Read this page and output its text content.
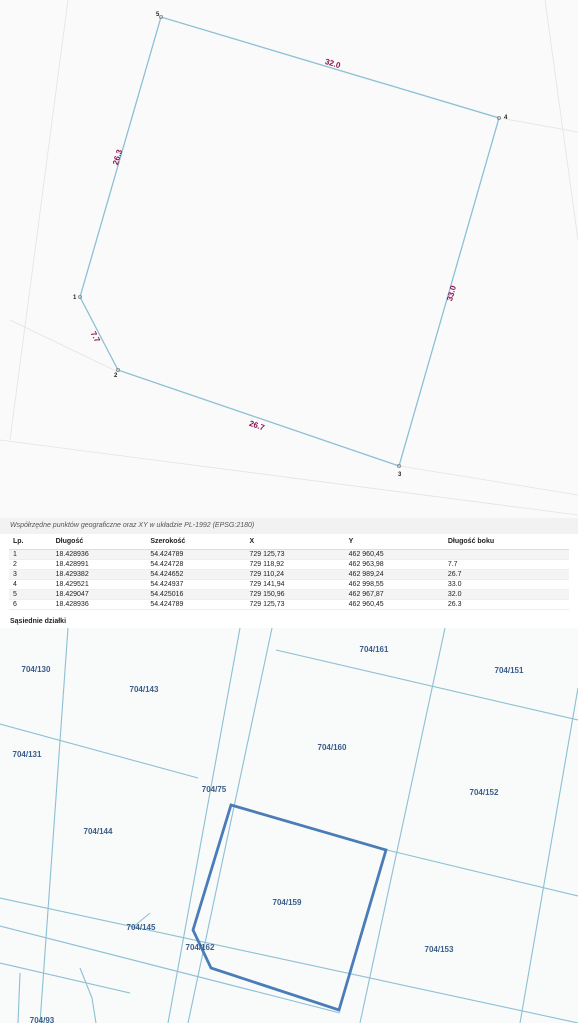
1
2
3
4
5
7.7
26.7
33.0
32.0
26.3
Współrzędne punktów geograficzne oraz XY w układzie PL-1992 (EPSG:2180)
Lp.	Długość	Szerokość	X	Y	Długość boku
1	18.428936	54.424789	729 125,73	462 960,45	
2	18.428991	54.424728	729 118,92	462 963,98	7.7
3	18.429382	54.424652	729 110,24	462 989,24	26.7
4	18.429521	54.424937	729 141,94	462 998,55	33.0
5	18.429047	54.425016	729 150,96	462 967,87	32.0
6	18.428936	54.424789	729 125,73	462 960,45	26.3
Sąsiednie działki
704/130
704/143
704/161
704/151
704/131
704/160
704/75	704/152
704/144
704/159
704/145
704/162	704/153
704/93
